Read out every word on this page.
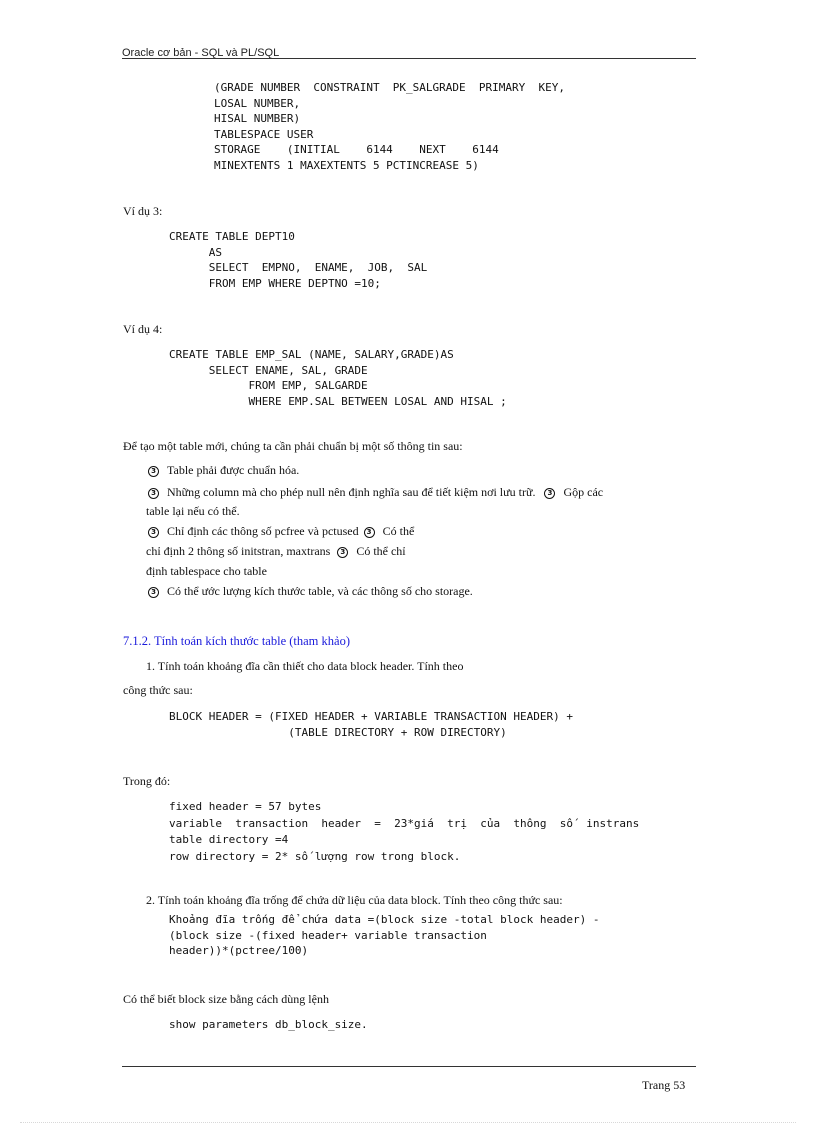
Oracle cơ bản - SQL và PL/SQL
(GRADE NUMBER  CONSTRAINT  PK_SALGRADE  PRIMARY  KEY,
LOSAL NUMBER,
HISAL NUMBER)
TABLESPACE USER
STORAGE    (INITIAL    6144    NEXT    6144
MINEXTENTS 1 MAXEXTENTS 5 PCTINCREASE 5)
Ví dụ 3:
CREATE TABLE DEPT10
AS
SELECT  EMPNO,  ENAME,  JOB,  SAL
FROM EMP WHERE DEPTNO =10;
Ví dụ 4:
CREATE TABLE EMP_SAL (NAME, SALARY,GRADE)AS
SELECT ENAME, SAL, GRADE
FROM EMP, SALGARDE
WHERE EMP.SAL BETWEEN LOSAL AND HISAL ;
Để tạo một table mới, chúng ta cần phải chuẩn bị một số thông tin sau:
3 Table phải được chuẩn hóa.
3 Những column mà cho phép null nên định nghĩa sau để tiết kiệm nơi lưu trữ. 3 Gộp các
table lại nếu có thể.
3 Chỉ định các thông số pcfree và pctused 3 Có thể
chỉ định 2 thông số initstran, maxtrans 3 Có thể chỉ
định tablespace cho table
3 Có thể ước lượng kích thước table, và các thông số cho storage.
7.1.2. Tính toán kích thước table (tham khảo)
1. Tính toán khoảng đĩa cần thiết cho data block header. Tính theo
công thức sau:
BLOCK HEADER = (FIXED HEADER + VARIABLE TRANSACTION HEADER) +
(TABLE DIRECTORY + ROW DIRECTORY)
Trong đó:
fixed header = 57 bytes
variable  transaction  header  =  23*giá  trị  của  thông  số  instrans
table directory =4
row directory = 2* số lượng row trong block.
2. Tính toán khoảng đĩa trống để chứa dữ liệu của data block. Tính theo công thức sau:
Khoảng đĩa trống để chứa data =(block size -total block header) -
(block size -(fixed header+ variable transaction
header))*(pctree/100)
Có thể biết block size bằng cách dùng lệnh
show parameters db_block_size.
Trang 53
